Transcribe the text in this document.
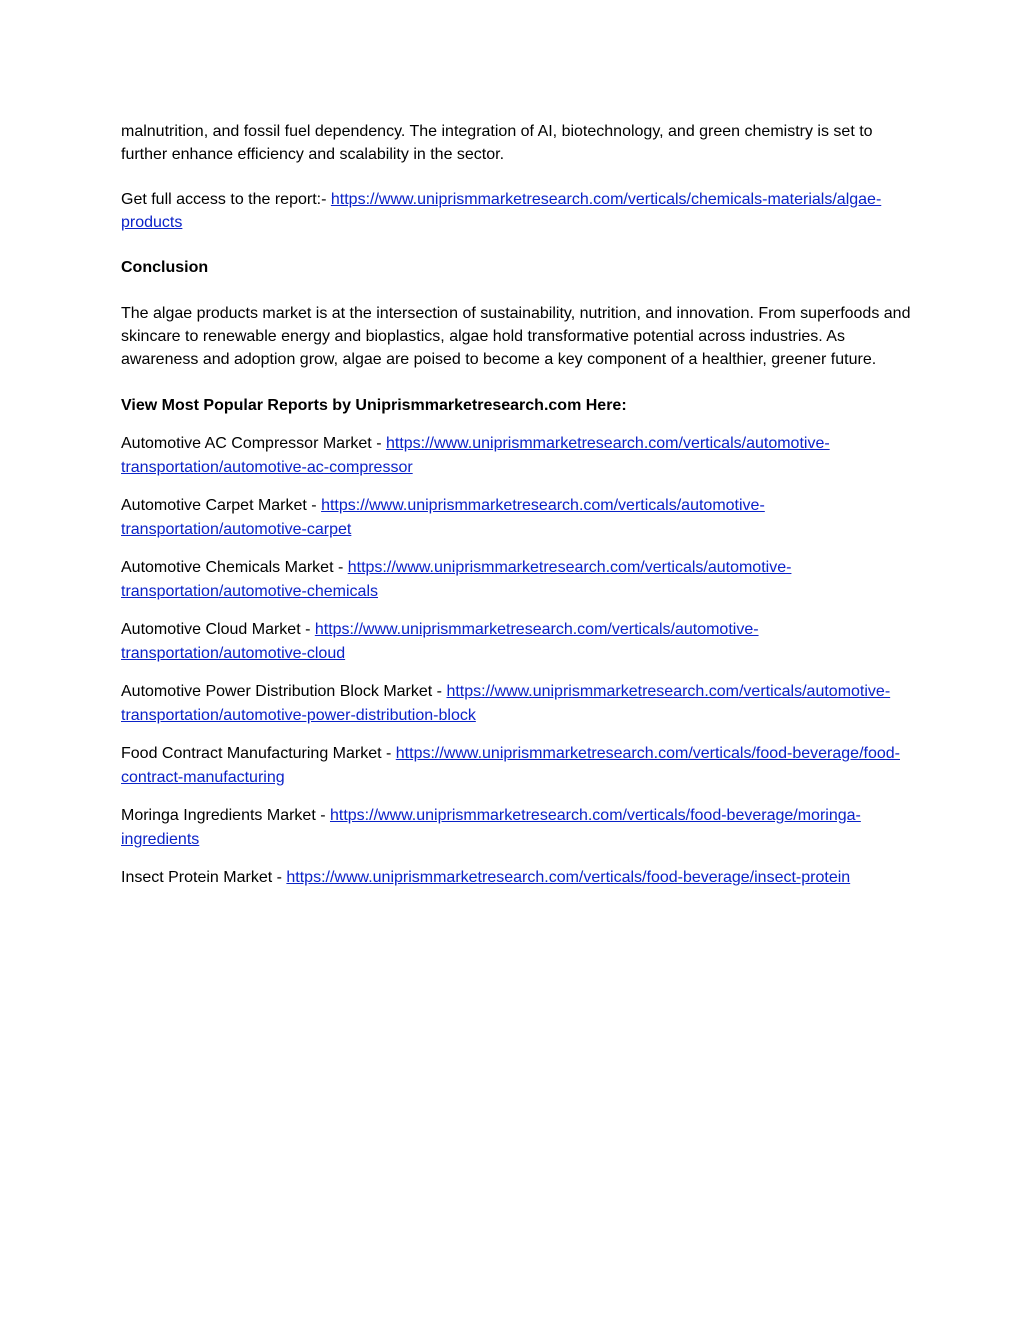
malnutrition, and fossil fuel dependency. The integration of AI, biotechnology, and green chemistry is set to further enhance efficiency and scalability in the sector.

Get full access to the report:- https://www.uniprismmarketresearch.com/verticals/chemicals-materials/algae-products

Conclusion

The algae products market is at the intersection of sustainability, nutrition, and innovation. From superfoods and skincare to renewable energy and bioplastics, algae hold transformative potential across industries. As awareness and adoption grow, algae are poised to become a key component of a healthier, greener future.

View Most Popular Reports by Uniprismmarketresearch.com Here:

Automotive AC Compressor Market - https://www.uniprismmarketresearch.com/verticals/automotive-transportation/automotive-ac-compressor

Automotive Carpet Market - https://www.uniprismmarketresearch.com/verticals/automotive-transportation/automotive-carpet

Automotive Chemicals Market - https://www.uniprismmarketresearch.com/verticals/automotive-transportation/automotive-chemicals

Automotive Cloud Market - https://www.uniprismmarketresearch.com/verticals/automotive-transportation/automotive-cloud

Automotive Power Distribution Block Market - https://www.uniprismmarketresearch.com/verticals/automotive-transportation/automotive-power-distribution-block

Food Contract Manufacturing Market - https://www.uniprismmarketresearch.com/verticals/food-beverage/food-contract-manufacturing

Moringa Ingredients Market - https://www.uniprismmarketresearch.com/verticals/food-beverage/moringa-ingredients

Insect Protein Market - https://www.uniprismmarketresearch.com/verticals/food-beverage/insect-protein
